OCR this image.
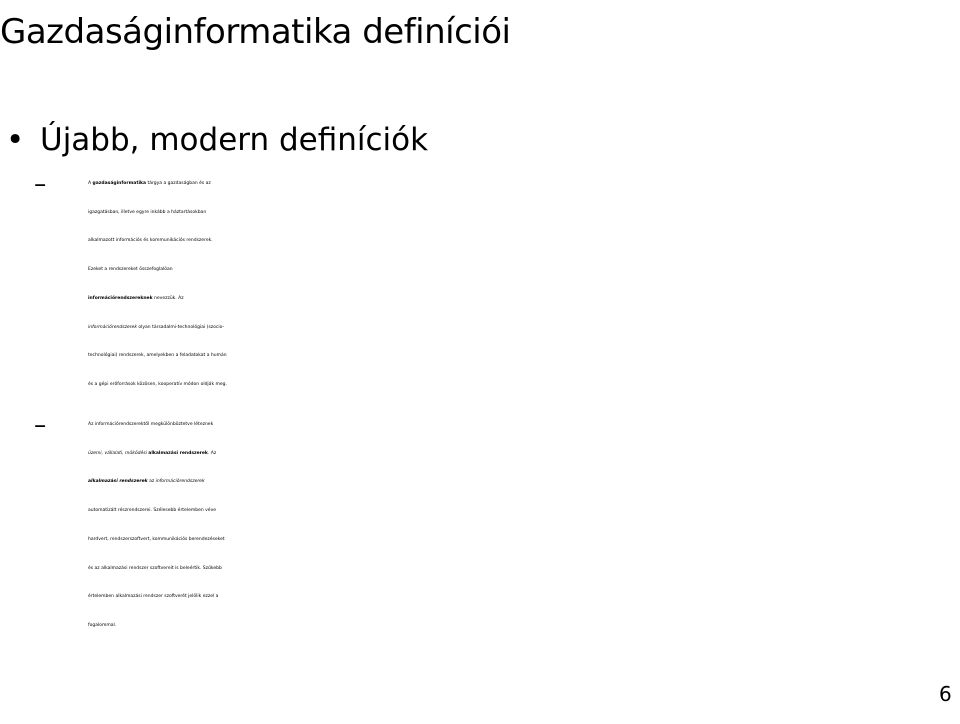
Gazdaságinformatika definíciói
• Újabb, modern definíciók
–	A gazdaságinformatika tárgya a gazdaságban és az
igazgatásban, illetve egyre inkább a háztartásokban
alkalmazott információs és kommunikációs rendszerek.
Ezeket a rendszereket összefoglalóan
információrendszereknek nevezzük. Az
információrendszerek olyan társadalmi-technológiai (szocio-
technológiai) rendszerek, amelyekben a feladatokat a humán
és a gépi erőforrások közösen, kooperatív módon oldják meg.
–	Az információrendszerektől megkülönböztetve léteznek
üzemi, vállalati, működési alkalmazási rendszerek. Az
alkalmazási rendszerek az információrendszerek
automatizált részrendszerei. Szélesebb értelemben véve
hardvert, rendszerszoftvert, kommunikációs berendezéseket
és az alkalmazási rendszer szoftvereit is beleértik. Szűkebb
értelemben alkalmazási rendszer szoftverét jelölik ezzel a
fogalommal.
6
